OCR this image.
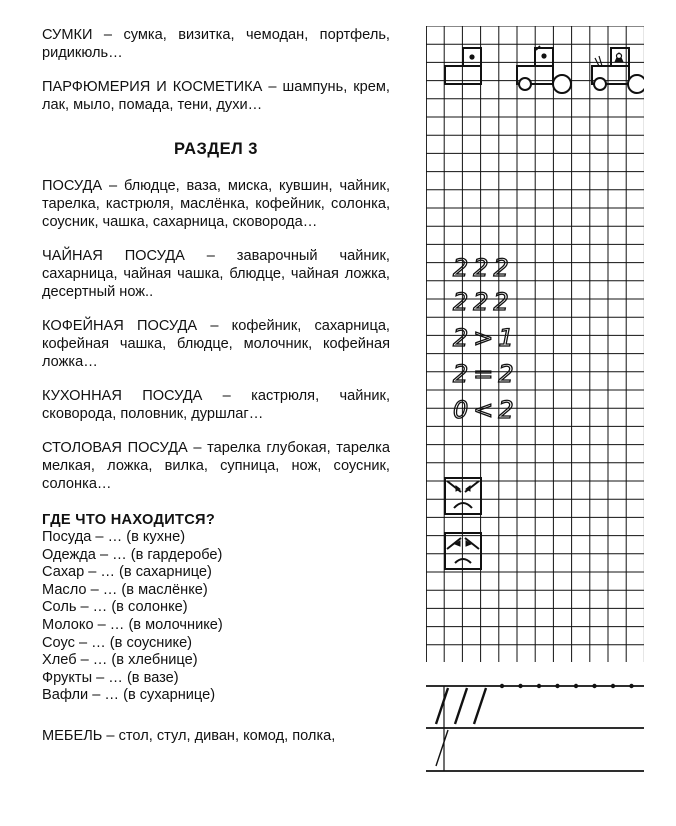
СУМКИ – сумка, визитка, чемодан, портфель, ридикюль…

ПАРФЮМЕРИЯ И КОСМЕТИКА – шампунь, крем, лак, мыло, помада, тени, духи…

РАЗДЕЛ 3

ПОСУДА – блюдце, ваза, миска, кувшин, чайник, тарелка, кастрюля, маслёнка, кофейник, солонка, соусник, чашка, сахарница, сковорода…

ЧАЙНАЯ ПОСУДА – заварочный чайник, сахарница, чайная чашка, блюдце, чайная ложка, десертный нож..

КОФЕЙНАЯ ПОСУДА – кофейник, сахарница, кофейная чашка, блюдце, молочник, кофейная ложка…

КУХОННАЯ ПОСУДА – кастрюля, чайник, сковорода, половник, дуршлаг…

СТОЛОВАЯ ПОСУДА – тарелка глубокая, тарелка мелкая, ложка, вилка, супница, нож, соусник, солонка…

ГДЕ ЧТО НАХОДИТСЯ?

Посуда – … (в кухне)

Одежда – … (в гардеробе)

Сахар – … (в сахарнице)

Масло – … (в маслёнке)

Соль – … (в солонке)

Молоко – … (в молочнике)

Соус – … (в соуснике)

Хлеб – … (в хлебнице)

Фрукты – … (в вазе)

Вафли – … (в сухарнице)

МЕБЕЛЬ – стол, стул, диван, комод, полка,

222
222
2>1
2=2
0<2
